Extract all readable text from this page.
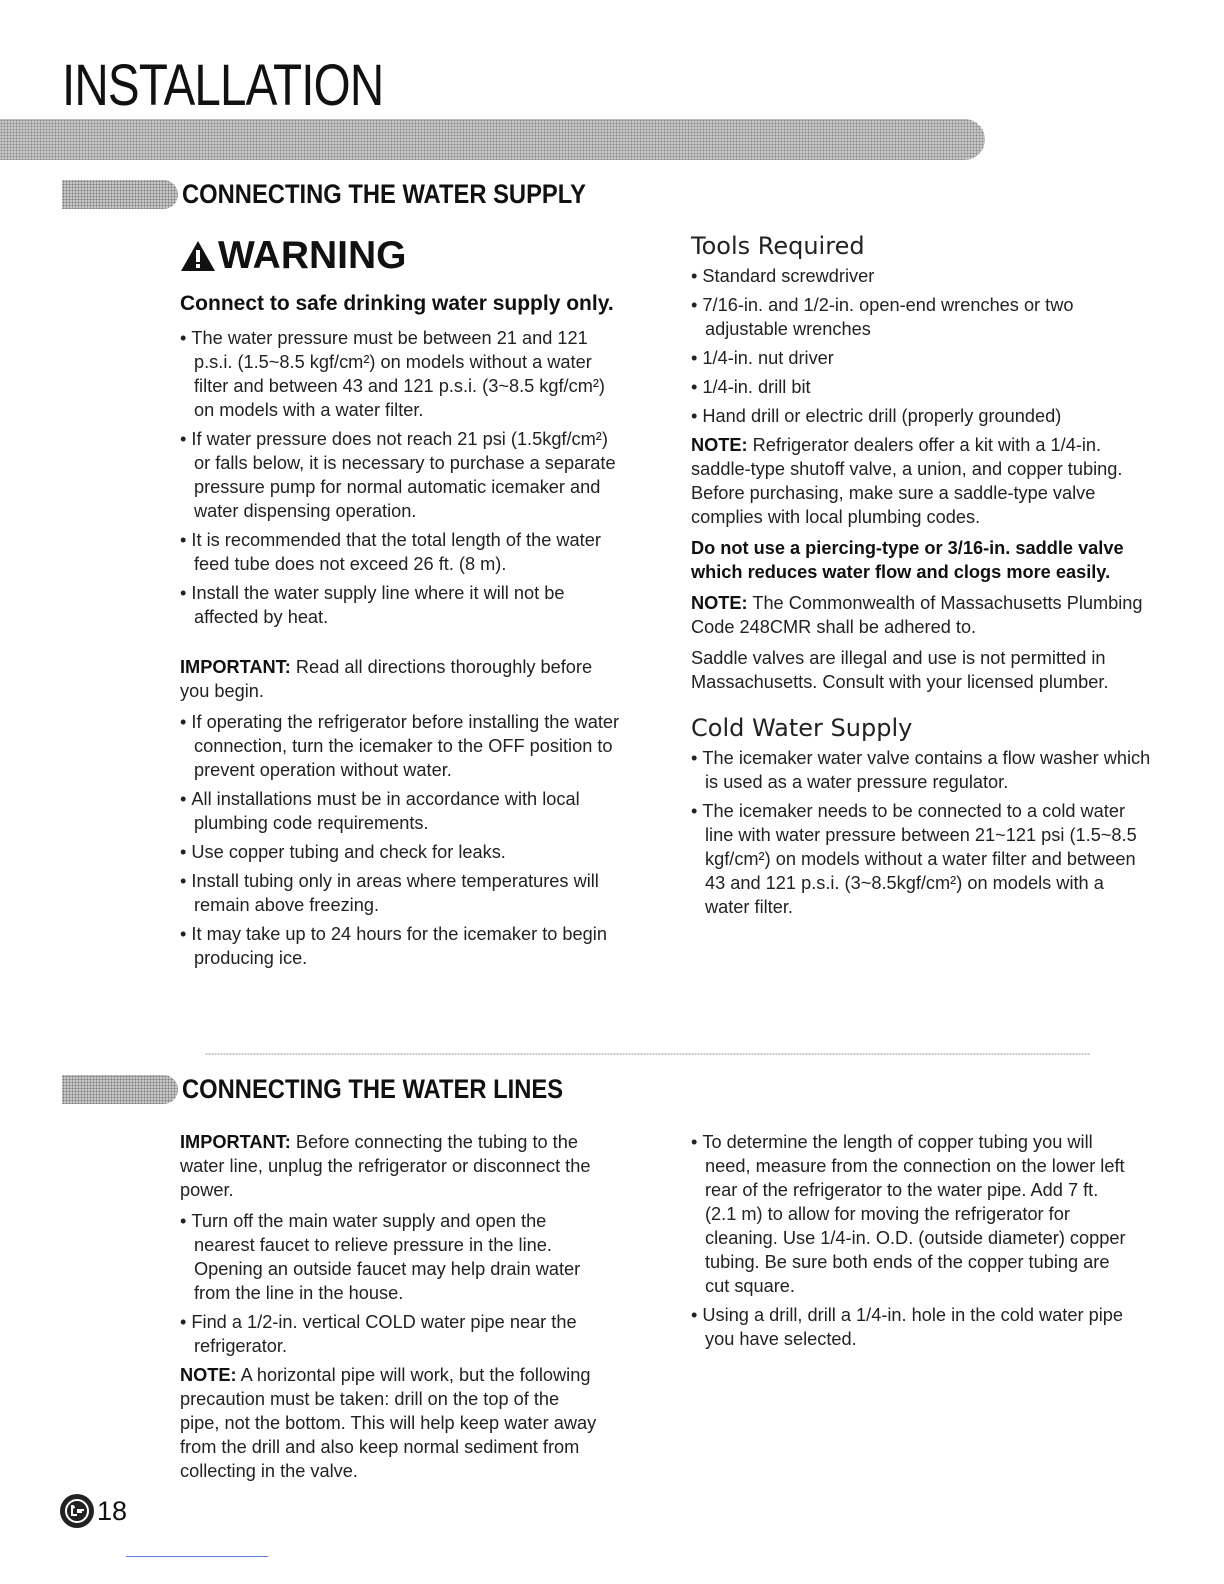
INSTALLATION
CONNECTING THE WATER SUPPLY
WARNING
Connect to safe drinking water supply only.
• The water pressure must be between 21 and 121 p.s.i. (1.5~8.5 kgf/cm²) on models without a water filter and between 43 and 121 p.s.i. (3~8.5 kgf/cm²) on models with a water filter.
• If water pressure does not reach 21 psi (1.5kgf/cm²) or falls below, it is necessary to purchase a separate pressure pump for normal automatic icemaker and water dispensing operation.
• It is recommended that the total length of the water feed tube does not exceed 26 ft. (8 m).
• Install the water supply line where it will not be affected by heat.

IMPORTANT: Read all directions thoroughly before you begin.

• If operating the refrigerator before installing the water connection, turn the icemaker to the OFF position to prevent operation without water.
• All installations must be in accordance with local plumbing code requirements.
• Use copper tubing and check for leaks.
• Install tubing only in areas where temperatures will remain above freezing.
• It may take up to 24 hours for the icemaker to begin producing ice.
Tools Required
• Standard screwdriver
• 7/16-in. and 1/2-in. open-end wrenches or two adjustable wrenches
• 1/4-in. nut driver
• 1/4-in. drill bit
• Hand drill or electric drill (properly grounded)

NOTE: Refrigerator dealers offer a kit with a 1/4-in. saddle-type shutoff valve, a union, and copper tubing. Before purchasing, make sure a saddle-type valve complies with local plumbing codes.

Do not use a piercing-type or 3/16-in. saddle valve which reduces water flow and clogs more easily.

NOTE: The Commonwealth of Massachusetts Plumbing Code 248CMR shall be adhered to.

Saddle valves are illegal and use is not permitted in Massachusetts. Consult with your licensed plumber.

Cold Water Supply
• The icemaker water valve contains a flow washer which is used as a water pressure regulator.
• The icemaker needs to be connected to a cold water line with water pressure between 21~121 psi (1.5~8.5 kgf/cm²) on models without a water filter and between 43 and 121 p.s.i. (3~8.5kgf/cm²) on models with a water filter.
CONNECTING THE WATER LINES

IMPORTANT: Before connecting the tubing to the water line, unplug the refrigerator or disconnect the power.

• Turn off the main water supply and open the nearest faucet to relieve pressure in the line. Opening an outside faucet may help drain water from the line in the house.
• Find a 1/2-in. vertical COLD water pipe near the refrigerator.

NOTE: A horizontal pipe will work, but the following precaution must be taken: drill on the top of the pipe, not the bottom. This will help keep water away from the drill and also keep normal sediment from collecting in the valve.

• To determine the length of copper tubing you will need, measure from the connection on the lower left rear of the refrigerator to the water pipe. Add 7 ft. (2.1 m) to allow for moving the refrigerator for cleaning. Use 1/4-in. O.D. (outside diameter) copper tubing. Be sure both ends of the copper tubing are cut square.
• Using a drill, drill a 1/4-in. hole in the cold water pipe you have selected.
18
